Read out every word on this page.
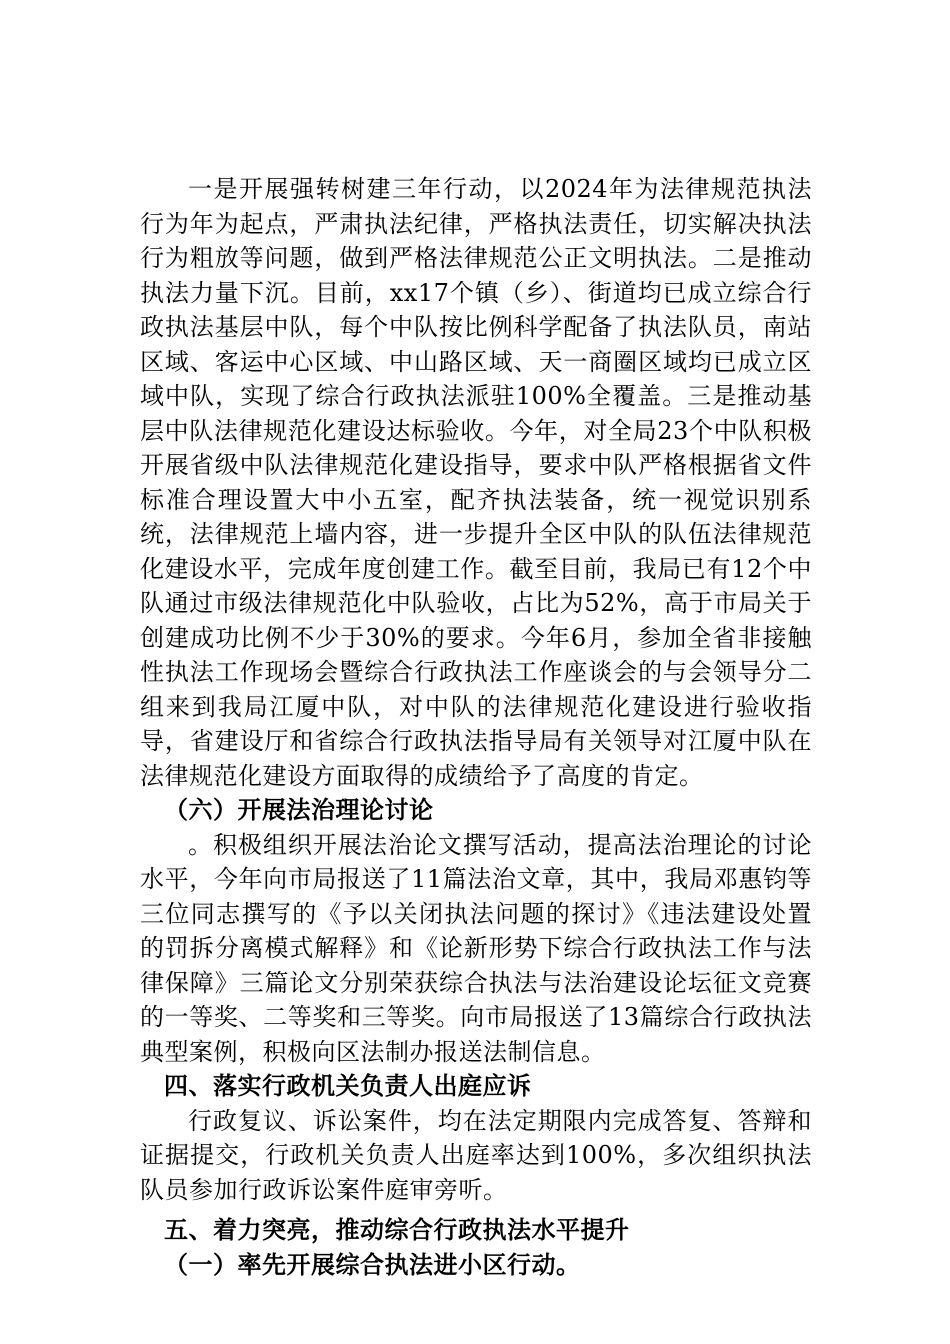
一是开展强转树建三年行动，以2024年为法律规范执法行为年为起点，严肃执法纪律，严格执法责任，切实解决执法行为粗放等问题，做到严格法律规范公正文明执法。二是推动执法力量下沉。目前，xx17个镇（乡）、街道均已成立综合行政执法基层中队，每个中队按比例科学配备了执法队员，南站区域、客运中心区域、中山路区域、天一商圈区域均已成立区域中队，实现了综合行政执法派驻100%全覆盖。三是推动基层中队法律规范化建设达标验收。今年，对全局23个中队积极开展省级中队法律规范化建设指导，要求中队严格根据省文件标准合理设置大中小五室，配齐执法装备，统一视觉识别系统，法律规范上墙内容，进一步提升全区中队的队伍法律规范化建设水平，完成年度创建工作。截至目前，我局已有12个中队通过市级法律规范化中队验收，占比为52%，高于市局关于创建成功比例不少于30%的要求。今年6月，参加全省非接触性执法工作现场会暨综合行政执法工作座谈会的与会领导分二组来到我局江厦中队，对中队的法律规范化建设进行验收指导，省建设厅和省综合行政执法指导局有关领导对江厦中队在法律规范化建设方面取得的成绩给予了高度的肯定。

（六）开展法治理论讨论

。积极组织开展法治论文撰写活动，提高法治理论的讨论水平，今年向市局报送了11篇法治文章，其中，我局邓惠钧等三位同志撰写的《予以关闭执法问题的探讨》《违法建设处置的罚拆分离模式解释》和《论新形势下综合行政执法工作与法律保障》三篇论文分别荣获综合执法与法治建设论坛征文竞赛的一等奖、二等奖和三等奖。向市局报送了13篇综合行政执法典型案例，积极向区法制办报送法制信息。

四、落实行政机关负责人出庭应诉

行政复议、诉讼案件，均在法定期限内完成答复、答辩和证据提交，行政机关负责人出庭率达到100%，多次组织执法队员参加行政诉讼案件庭审旁听。

五、着力突亮，推动综合行政执法水平提升

（一）率先开展综合执法进小区行动。
